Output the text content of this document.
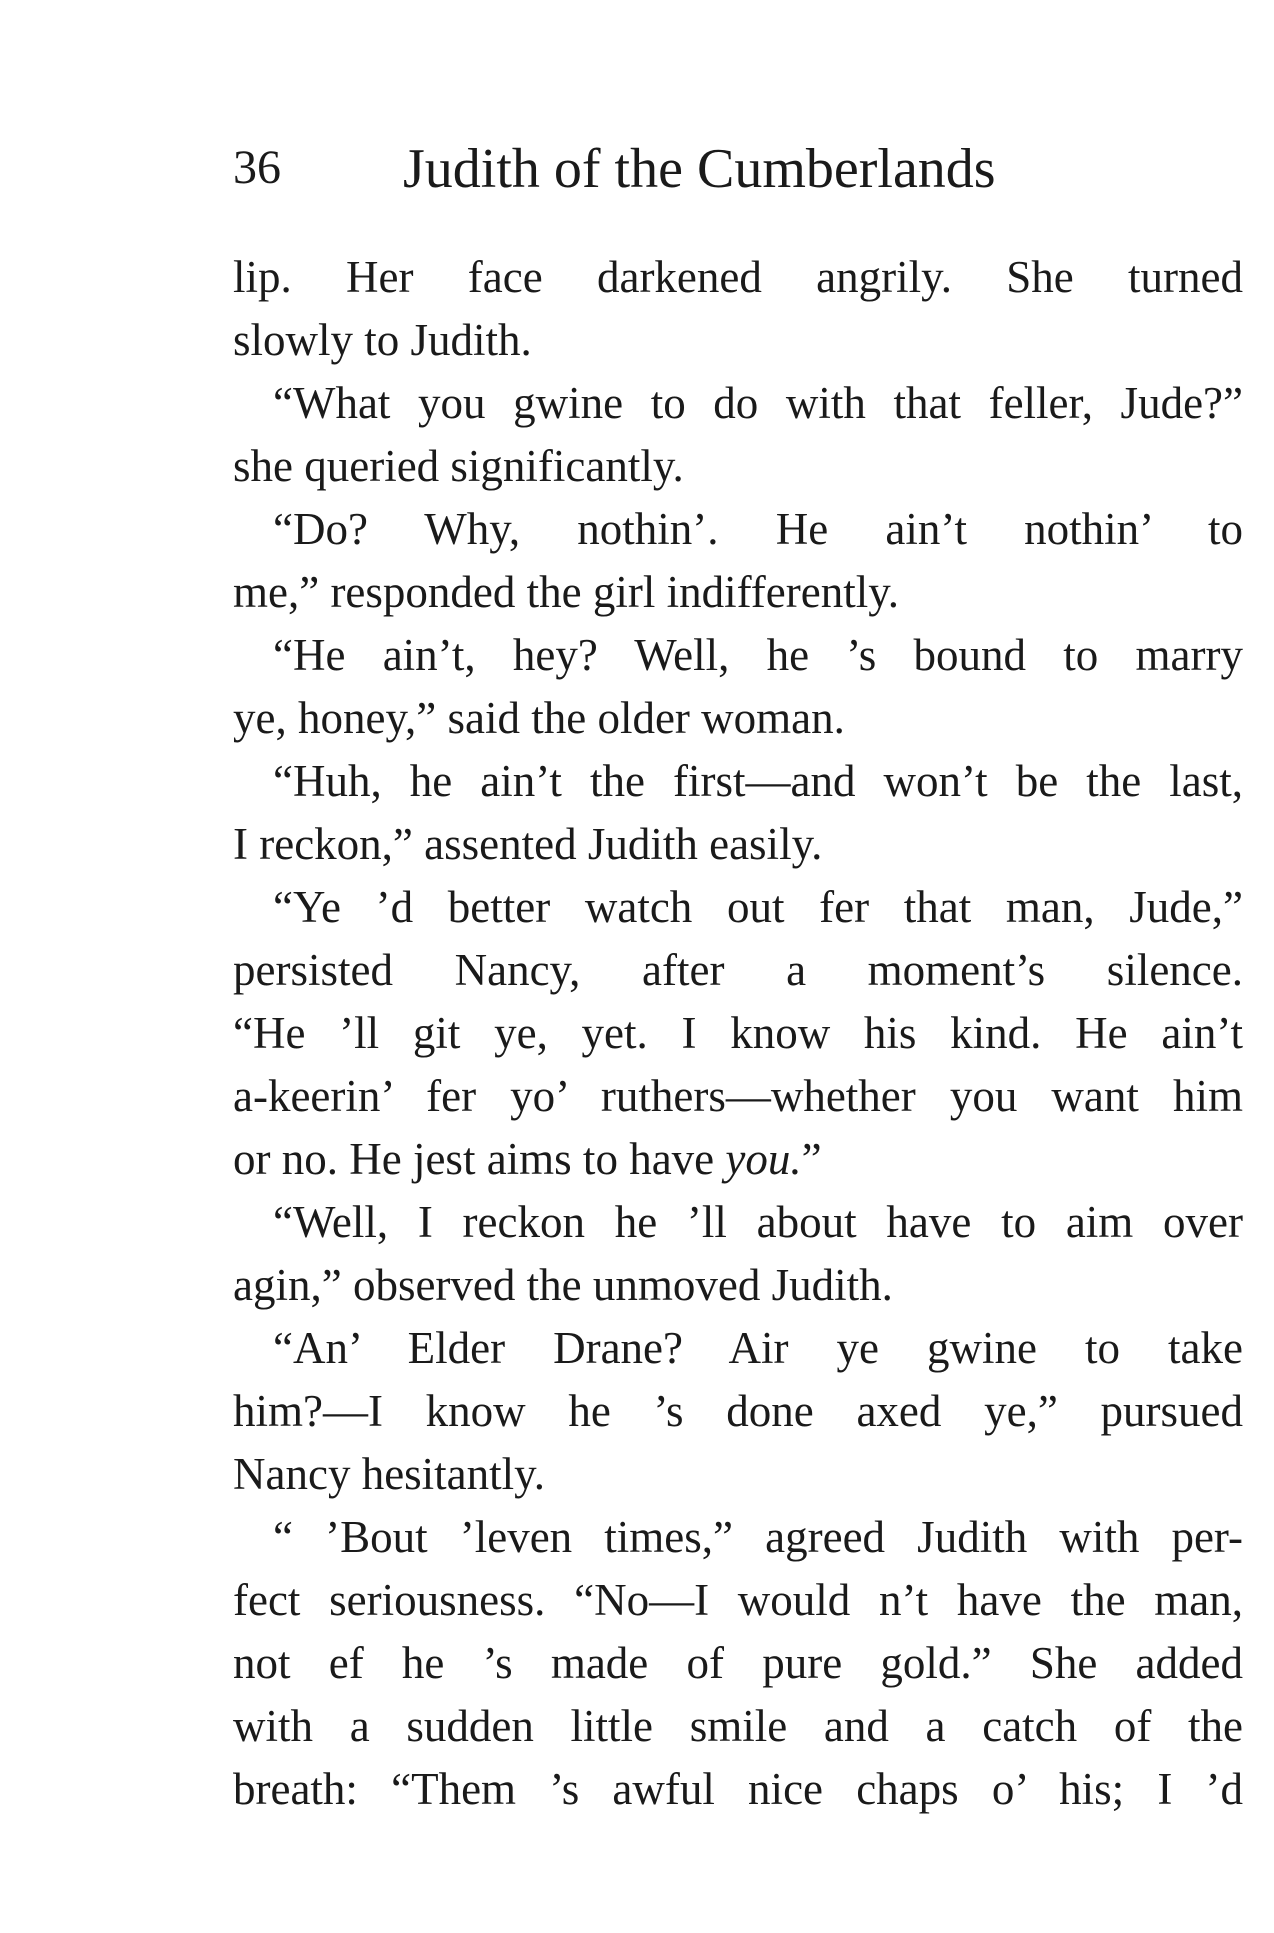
36 Judith of the Cumberlands
lip. Her face darkened angrily. She turned
slowly to Judith.
“What you gwine to do with that feller, Jude?”
she queried significantly.
“Do? Why, nothin’. He ain’t nothin’ to
me,” responded the girl indifferently.
“He ain’t, hey? Well, he ’s bound to marry
ye, honey,” said the older woman.
“Huh, he ain’t the first—and won’t be the last,
I reckon,” assented Judith easily.
“Ye ’d better watch out fer that man, Jude,”
persisted Nancy, after a moment’s silence.
“He ’ll git ye, yet. I know his kind. He ain’t
a-keerin’ fer yo’ ruthers—whether you want him
or no. He jest aims to have you.”
“Well, I reckon he ’ll about have to aim over
agin,” observed the unmoved Judith.
“An’ Elder Drane? Air ye gwine to take
him?—I know he ’s done axed ye,” pursued
Nancy hesitantly.
“ ’Bout ’leven times,” agreed Judith with per-
fect seriousness. “No—I would n’t have the man,
not ef he ’s made of pure gold.” She added
with a sudden little smile and a catch of the
breath: “Them ’s awful nice chaps o’ his; I ’d
